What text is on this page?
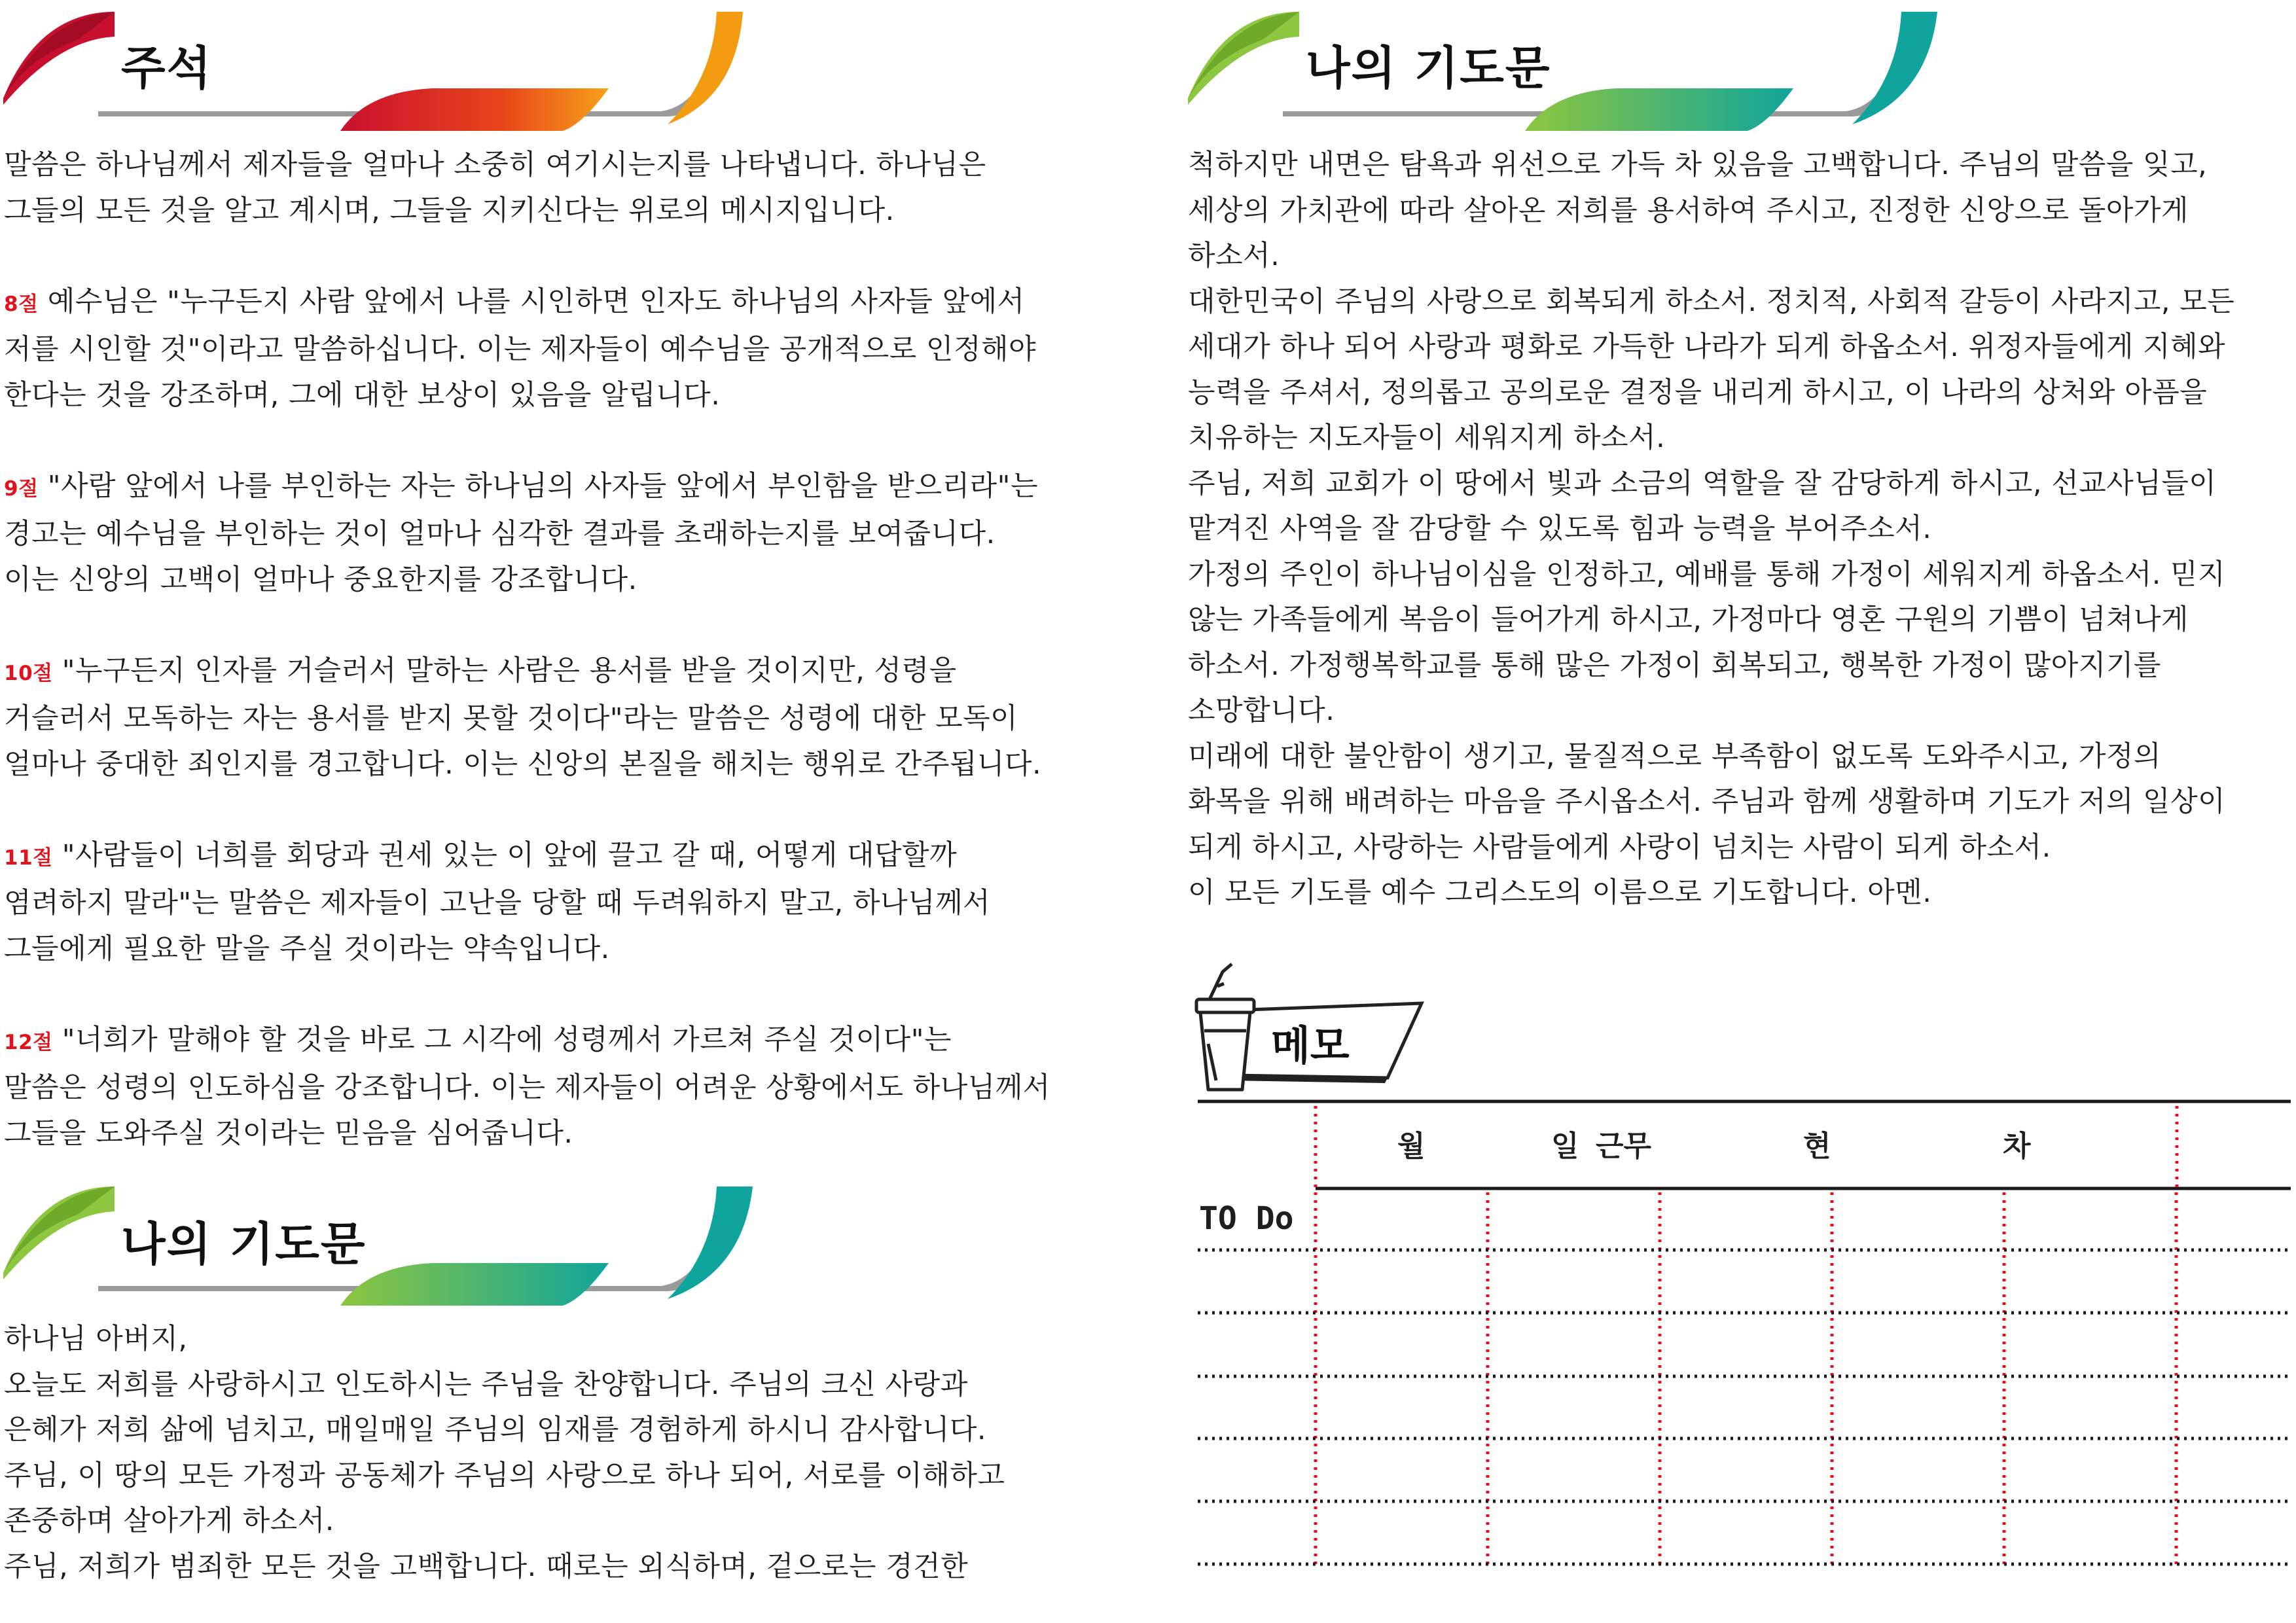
주석

말씀은 하나님께서 제자들을 얼마나 소중히 여기시는지를 나타냅니다. 하나님은

그들의 모든 것을 알고 계시며, 그들을 지키신다는 위로의 메시지입니다.

8절 예수님은 "누구든지 사람 앞에서 나를 시인하면 인자도 하나님의 사자들 앞에서

저를 시인할 것"이라고 말씀하십니다. 이는 제자들이 예수님을 공개적으로 인정해야

한다는 것을 강조하며, 그에 대한 보상이 있음을 알립니다.

9절 "사람 앞에서 나를 부인하는 자는 하나님의 사자들 앞에서 부인함을 받으리라"는

경고는 예수님을 부인하는 것이 얼마나 심각한 결과를 초래하는지를 보여줍니다.

이는 신앙의 고백이 얼마나 중요한지를 강조합니다.

10절 "누구든지 인자를 거슬러서 말하는 사람은 용서를 받을 것이지만, 성령을

거슬러서 모독하는 자는 용서를 받지 못할 것이다"라는 말씀은 성령에 대한 모독이

얼마나 중대한 죄인지를 경고합니다. 이는 신앙의 본질을 해치는 행위로 간주됩니다.

11절 "사람들이 너희를 회당과 권세 있는 이 앞에 끌고 갈 때, 어떻게 대답할까

염려하지 말라"는 말씀은 제자들이 고난을 당할 때 두려워하지 말고, 하나님께서

그들에게 필요한 말을 주실 것이라는 약속입니다.

12절 "너희가 말해야 할 것을 바로 그 시각에 성령께서 가르쳐 주실 것이다"는

말씀은 성령의 인도하심을 강조합니다. 이는 제자들이 어려운 상황에서도 하나님께서

그들을 도와주실 것이라는 믿음을 심어줍니다.

나의 기도문

하나님 아버지,

오늘도 저희를 사랑하시고 인도하시는 주님을 찬양합니다. 주님의 크신 사랑과

은혜가 저희 삶에 넘치고, 매일매일 주님의 임재를 경험하게 하시니 감사합니다.

주님, 이 땅의 모든 가정과 공동체가 주님의 사랑으로 하나 되어, 서로를 이해하고

존중하며 살아가게 하소서.

주님, 저희가 범죄한 모든 것을 고백합니다. 때로는 외식하며, 겉으로는 경건한

나의 기도문

척하지만 내면은 탐욕과 위선으로 가득 차 있음을 고백합니다. 주님의 말씀을 잊고,

세상의 가치관에 따라 살아온 저희를 용서하여 주시고, 진정한 신앙으로 돌아가게

하소서.

대한민국이 주님의 사랑으로 회복되게 하소서. 정치적, 사회적 갈등이 사라지고, 모든

세대가 하나 되어 사랑과 평화로 가득한 나라가 되게 하옵소서. 위정자들에게 지혜와

능력을 주셔서, 정의롭고 공의로운 결정을 내리게 하시고, 이 나라의 상처와 아픔을

치유하는 지도자들이 세워지게 하소서.

주님, 저희 교회가 이 땅에서 빛과 소금의 역할을 잘 감당하게 하시고, 선교사님들이

맡겨진 사역을 잘 감당할 수 있도록 힘과 능력을 부어주소서.

가정의 주인이 하나님이심을 인정하고, 예배를 통해 가정이 세워지게 하옵소서. 믿지

않는 가족들에게 복음이 들어가게 하시고, 가정마다 영혼 구원의 기쁨이 넘쳐나게

하소서. 가정행복학교를 통해 많은 가정이 회복되고, 행복한 가정이 많아지기를

소망합니다.

미래에 대한 불안함이 생기고, 물질적으로 부족함이 없도록 도와주시고, 가정의

화목을 위해 배려하는 마음을 주시옵소서. 주님과 함께 생활하며 기도가 저의 일상이

되게 하시고, 사랑하는 사람들에게 사랑이 넘치는 사람이 되게 하소서.

이 모든 기도를 예수 그리스도의 이름으로 기도합니다. 아멘.

메모
월	일 근무	현	차
TO Do
